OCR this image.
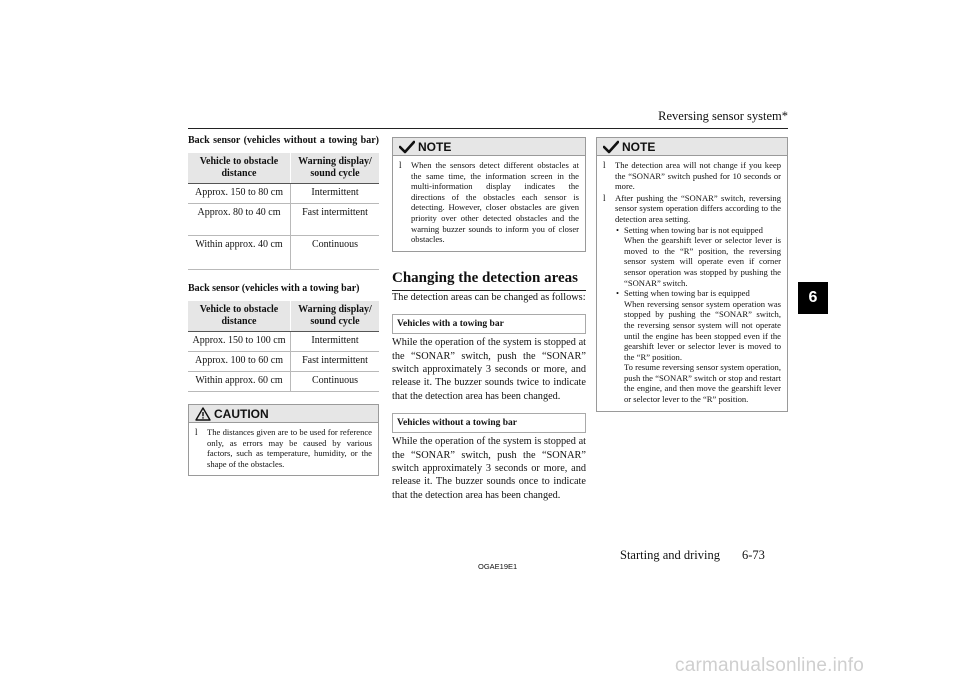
Reversing sensor system*
6
Back sensor (vehicles without a towing bar)
Vehicle to obstacle distance	Warning display/ sound cycle
Approx. 150 to 80 cm	Intermittent
Approx. 80 to 40 cm	Fast intermittent
Within approx. 40 cm	Continuous
Back sensor (vehicles with a towing bar)
Vehicle to obstacle distance	Warning display/ sound cycle
Approx. 150 to 100 cm	Intermittent
Approx. 100 to 60 cm	Fast intermittent
Within approx. 60 cm	Continuous
CAUTION
l The distances given are to be used for reference only, as errors may be caused by various factors, such as temperature, humidity, or the shape of the obstacles.
NOTE
l When the sensors detect different obstacles at the same time, the information screen in the multi-information display indicates the directions of the obstacles each sensor is detecting. However, closer obstacles are given priority over other detected obstacles and the warning buzzer sounds to inform you of closer obstacles.
Changing the detection areas
The detection areas can be changed as follows:
Vehicles with a towing bar
While the operation of the system is stopped at the “SONAR” switch, push the “SONAR” switch approximately 3 seconds or more, and release it. The buzzer sounds twice to indicate that the detection area has been changed.
Vehicles without a towing bar
While the operation of the system is stopped at the “SONAR” switch, push the “SONAR” switch approximately 3 seconds or more, and release it. The buzzer sounds once to indicate that the detection area has been changed.
NOTE
l The detection area will not change if you keep the “SONAR” switch pushed for 10 seconds or more.
l After pushing the “SONAR” switch, reversing sensor system operation differs according to the detection area setting.
• Setting when towing bar is not equipped
When the gearshift lever or selector lever is moved to the “R” position, the reversing sensor system will operate even if corner sensor operation was stopped by pushing the “SONAR” switch.
• Setting when towing bar is equipped
When reversing sensor system operation was stopped by pushing the “SONAR” switch, the reversing sensor system will not operate until the engine has been stopped even if the gearshift lever or selector lever is moved to the “R” position.
To resume reversing sensor system operation, push the “SONAR” switch or stop and restart the engine, and then move the gearshift lever or selector lever to the “R” position.
OGAE19E1
Starting and driving 6-73
carmanualsonline.info
